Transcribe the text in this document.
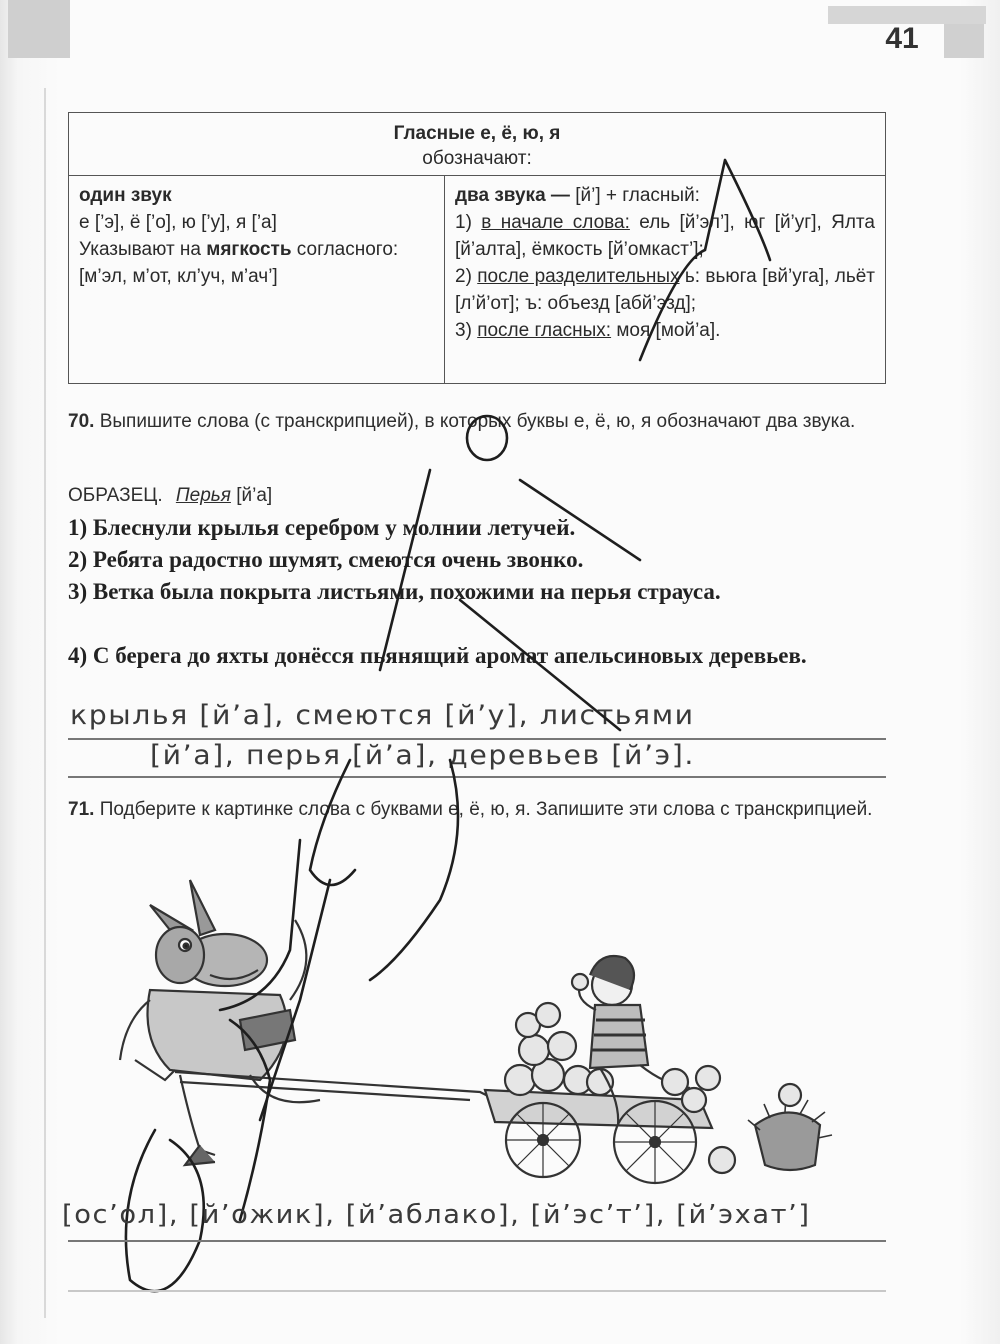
41
Гласные е, ё, ю, я
обозначают:
один звук
е [’э], ё [’о], ю [’у], я [’а]
Указывают на мягкость согласного:
[м’эл, м’от, кл’уч, м’ач’]
два звука — [й’] + гласный:
1) в начале слова: ель [й’эл’], юг [й’уг], Ялта [й’алта], ёмкость [й’омкаст’];
2) после разделительных ь: вьюга [вй’уга], льёт [л’й’от]; ъ: объезд [абй’эзд];
3) после гласных: моя [мой’а].
70. Выпишите слова (с транскрипцией), в которых буквы е, ё, ю, я обозначают два звука.
ОБРАЗЕЦ. Перья [й’а]
1) Блеснули крылья серебром у молнии летучей.
2) Ребята радостно шумят, смеются очень звонко.
3) Ветка была покрыта листьями, похожими на перья страуса.
4) С берега до яхты донёсся пьянящий аромат апельсиновых деревьев.
крылья [й’а], смеются [й’у], листьями
[й’а], перья [й’а], деревьев [й’э].
71. Подберите к картинке слова с буквами е, ё, ю, я. Запишите эти слова с транскрипцией.
[ос’ол], [й’ожик], [й’аблако], [й’эс’т’], [й’эхат’]
